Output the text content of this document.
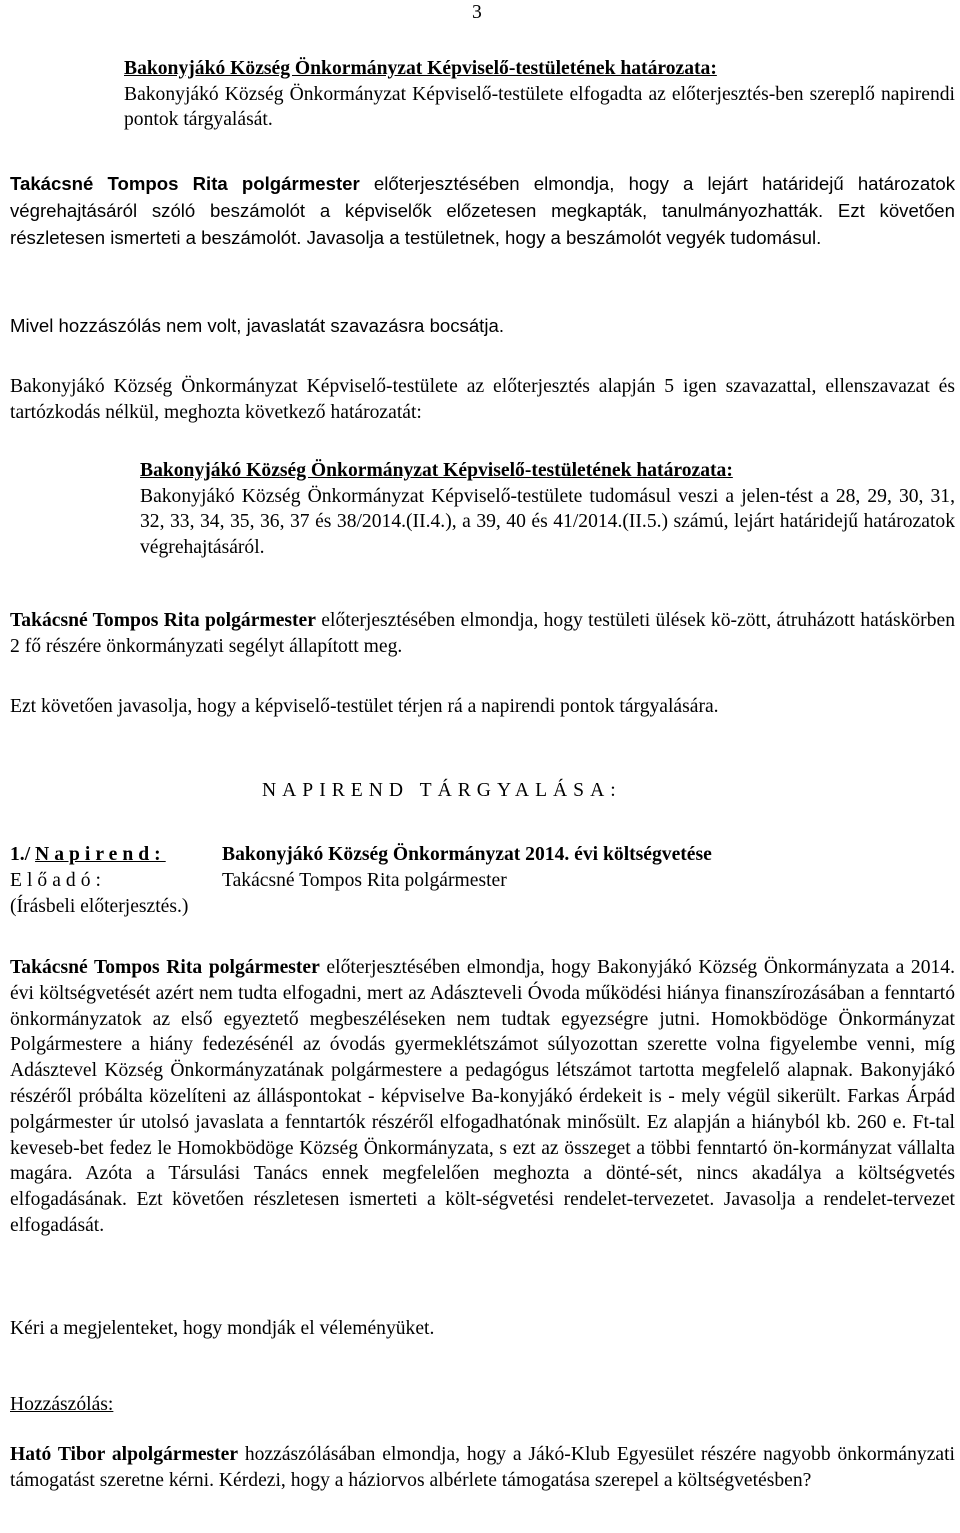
3
Bakonyjákó Község Önkormányzat Képviselő-testületének határozata:
Bakonyjákó Község Önkormányzat Képviselő-testülete elfogadta az előterjesztés-ben szereplő napirendi pontok tárgyalását.
Takácsné Tompos Rita polgármester előterjesztésében elmondja, hogy a lejárt határidejű határozatok végrehajtásáról szóló beszámolót a képviselők előzetesen megkapták, tanulmányozhatták. Ezt követően részletesen ismerteti a beszámolót. Javasolja a testületnek, hogy a beszámolót vegyék tudomásul.
Mivel hozzászólás nem volt, javaslatát szavazásra bocsátja.
Bakonyjákó Község Önkormányzat Képviselő-testülete az előterjesztés alapján 5 igen szavazattal, ellenszavazat és tartózkodás nélkül, meghozta következő határozatát:
Bakonyjákó Község Önkormányzat Képviselő-testületének határozata:
Bakonyjákó Község Önkormányzat Képviselő-testülete tudomásul veszi a jelen-tést a 28, 29, 30, 31, 32, 33, 34, 35, 36, 37 és 38/2014.(II.4.), a 39, 40 és 41/2014.(II.5.) számú, lejárt határidejű határozatok végrehajtásáról.
Takácsné Tompos Rita polgármester előterjesztésében elmondja, hogy testületi ülések kö-zött, átruházott hatáskörben 2 fő részére önkormányzati segélyt állapított meg.
Ezt követően javasolja, hogy a képviselő-testület térjen rá a napirendi pontok tárgyalására.
NAPIREND TÁRGYALÁSA:
1./ Napirend:	Bakonyjákó Község Önkormányzat 2014. évi költségvetése
Előadó:	Takácsné Tompos Rita polgármester
(Írásbeli előterjesztés.)
Takácsné Tompos Rita polgármester előterjesztésében elmondja, hogy Bakonyjákó Község Önkormányzata a 2014. évi költségvetését azért nem tudta elfogadni, mert az Adászteveli Óvoda működési hiánya finanszírozásában a fenntartó önkormányzatok az első egyeztető megbeszéléseken nem tudtak egyezségre jutni. Homokbödöge Önkormányzat Polgármestere a hiány fedezésénél az óvodás gyermeklétszámot súlyozottan szerette volna figyelembe venni, míg Adásztevel Község Önkormányzatának polgármestere a pedagógus létszámot tartotta megfelelő alapnak. Bakonyjákó részéről próbálta közelíteni az álláspontokat - képviselve Ba-konyjákó érdekeit is - mely végül sikerült. Farkas Árpád polgármester úr utolsó javaslata a fenntartók részéről elfogadhatónak minősült. Ez alapján a hiányból kb. 260 e. Ft-tal keveseb-bet fedez le Homokbödöge Község Önkormányzata, s ezt az összeget a többi fenntartó ön-kormányzat vállalta magára. Azóta a Társulási Tanács ennek megfelelően meghozta a dönté-sét, nincs akadálya a költségvetés elfogadásának. Ezt követően részletesen ismerteti a költ-ségvetési rendelet-tervezetet. Javasolja a rendelet-tervezet elfogadását.
Kéri a megjelenteket, hogy mondják el véleményüket.
Hozzászólás:
Ható Tibor alpolgármester hozzászólásában elmondja, hogy a Jákó-Klub Egyesület részére nagyobb önkormányzati támogatást szeretne kérni. Kérdezi, hogy a háziorvos albérlete támogatása szerepel a költségvetésben?
